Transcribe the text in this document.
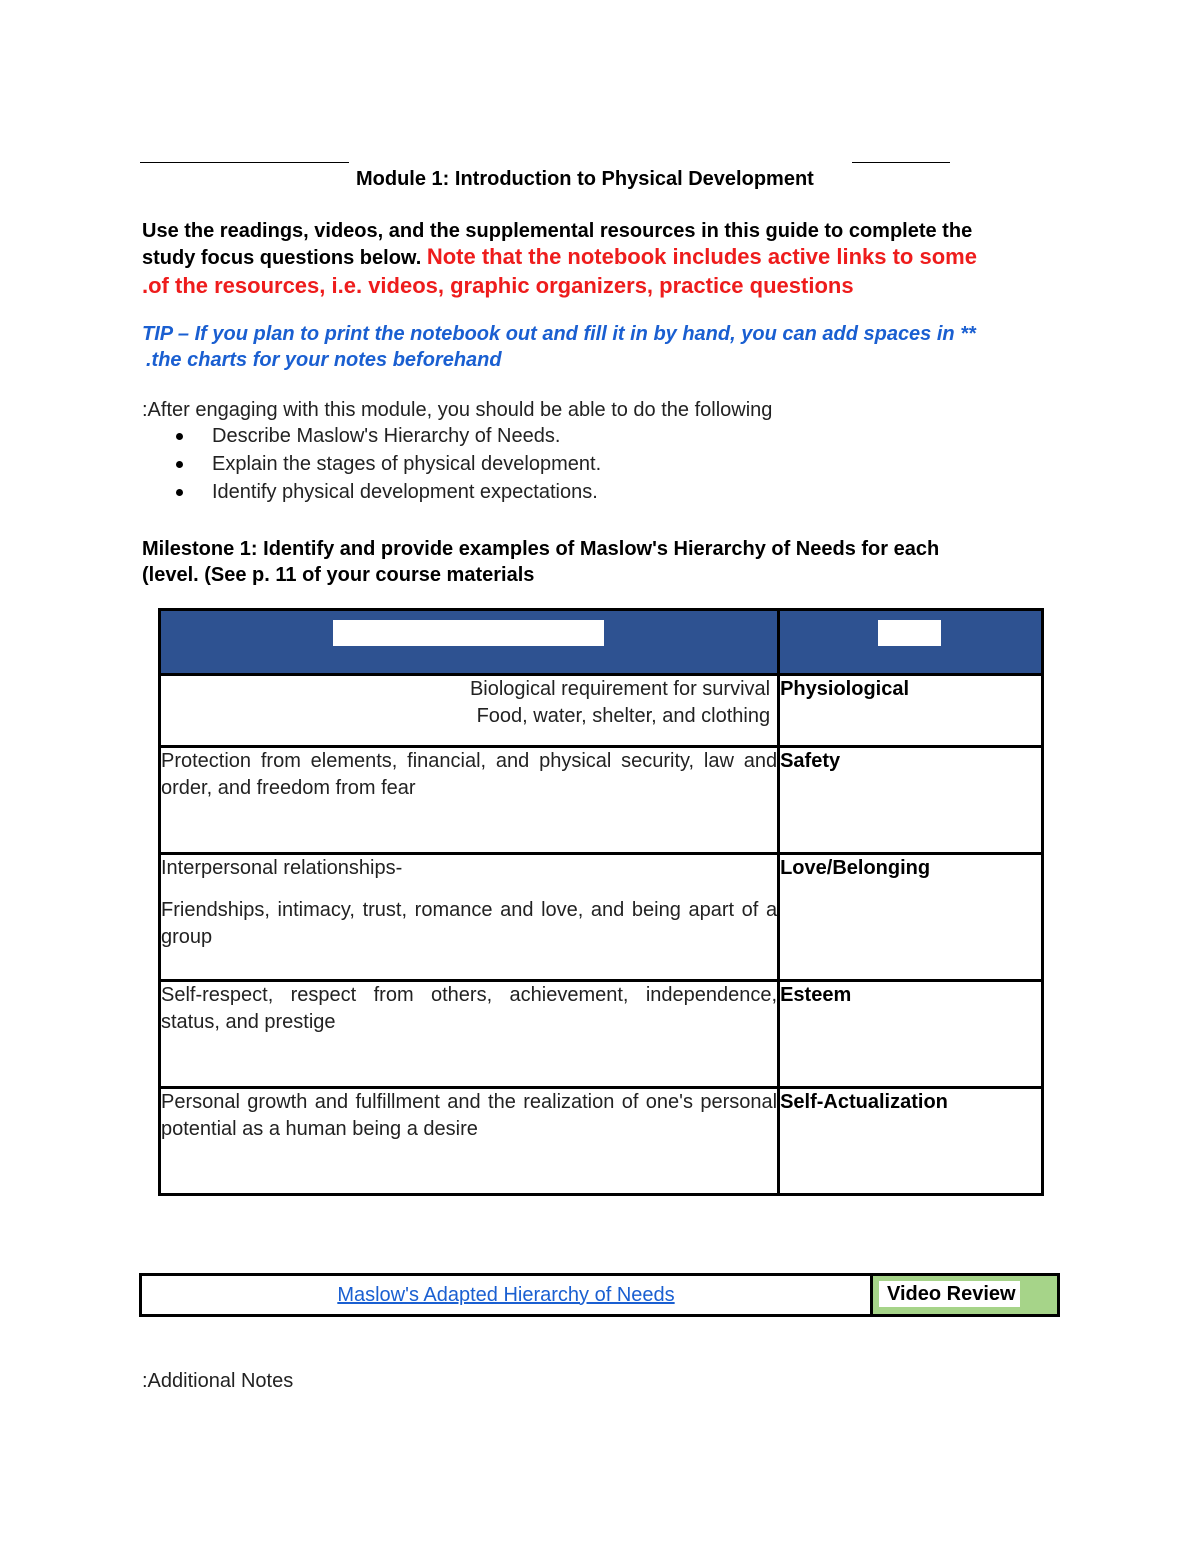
Module 1: Introduction to Physical Development
Use the readings, videos, and the supplemental resources in this guide to complete the
study focus questions below. Note that the notebook includes active links to some

.of the resources, i.e. videos, graphic organizers, practice questions
TIP – If you plan to print the notebook out and fill it in by hand, you can add spaces in **
.the charts for your notes beforehand
:After engaging with this module, you should be able to do the following
Describe Maslow's Hierarchy of Needs.
Explain the stages of physical development.
Identify physical development expectations.
Milestone 1: Identify and provide examples of Maslow's Hierarchy of Needs for each
(level. (See p. 11 of your course materials

Biological requirement for survival
Food, water, shelter, and clothing	Physiological
Protection from elements, financial, and physical security, law and order, and freedom from fear	Safety
Interpersonal relationships-
Friendships, intimacy, trust, romance and love, and being apart of a group	Love/Belonging
Self-respect, respect from others, achievement, independence, status, and prestige	Esteem
Personal growth and fulfillment and the realization of one's personal potential as a human being a desire	Self-Actualization
Maslow's Adapted Hierarchy of Needs	Video Review
:Additional Notes
